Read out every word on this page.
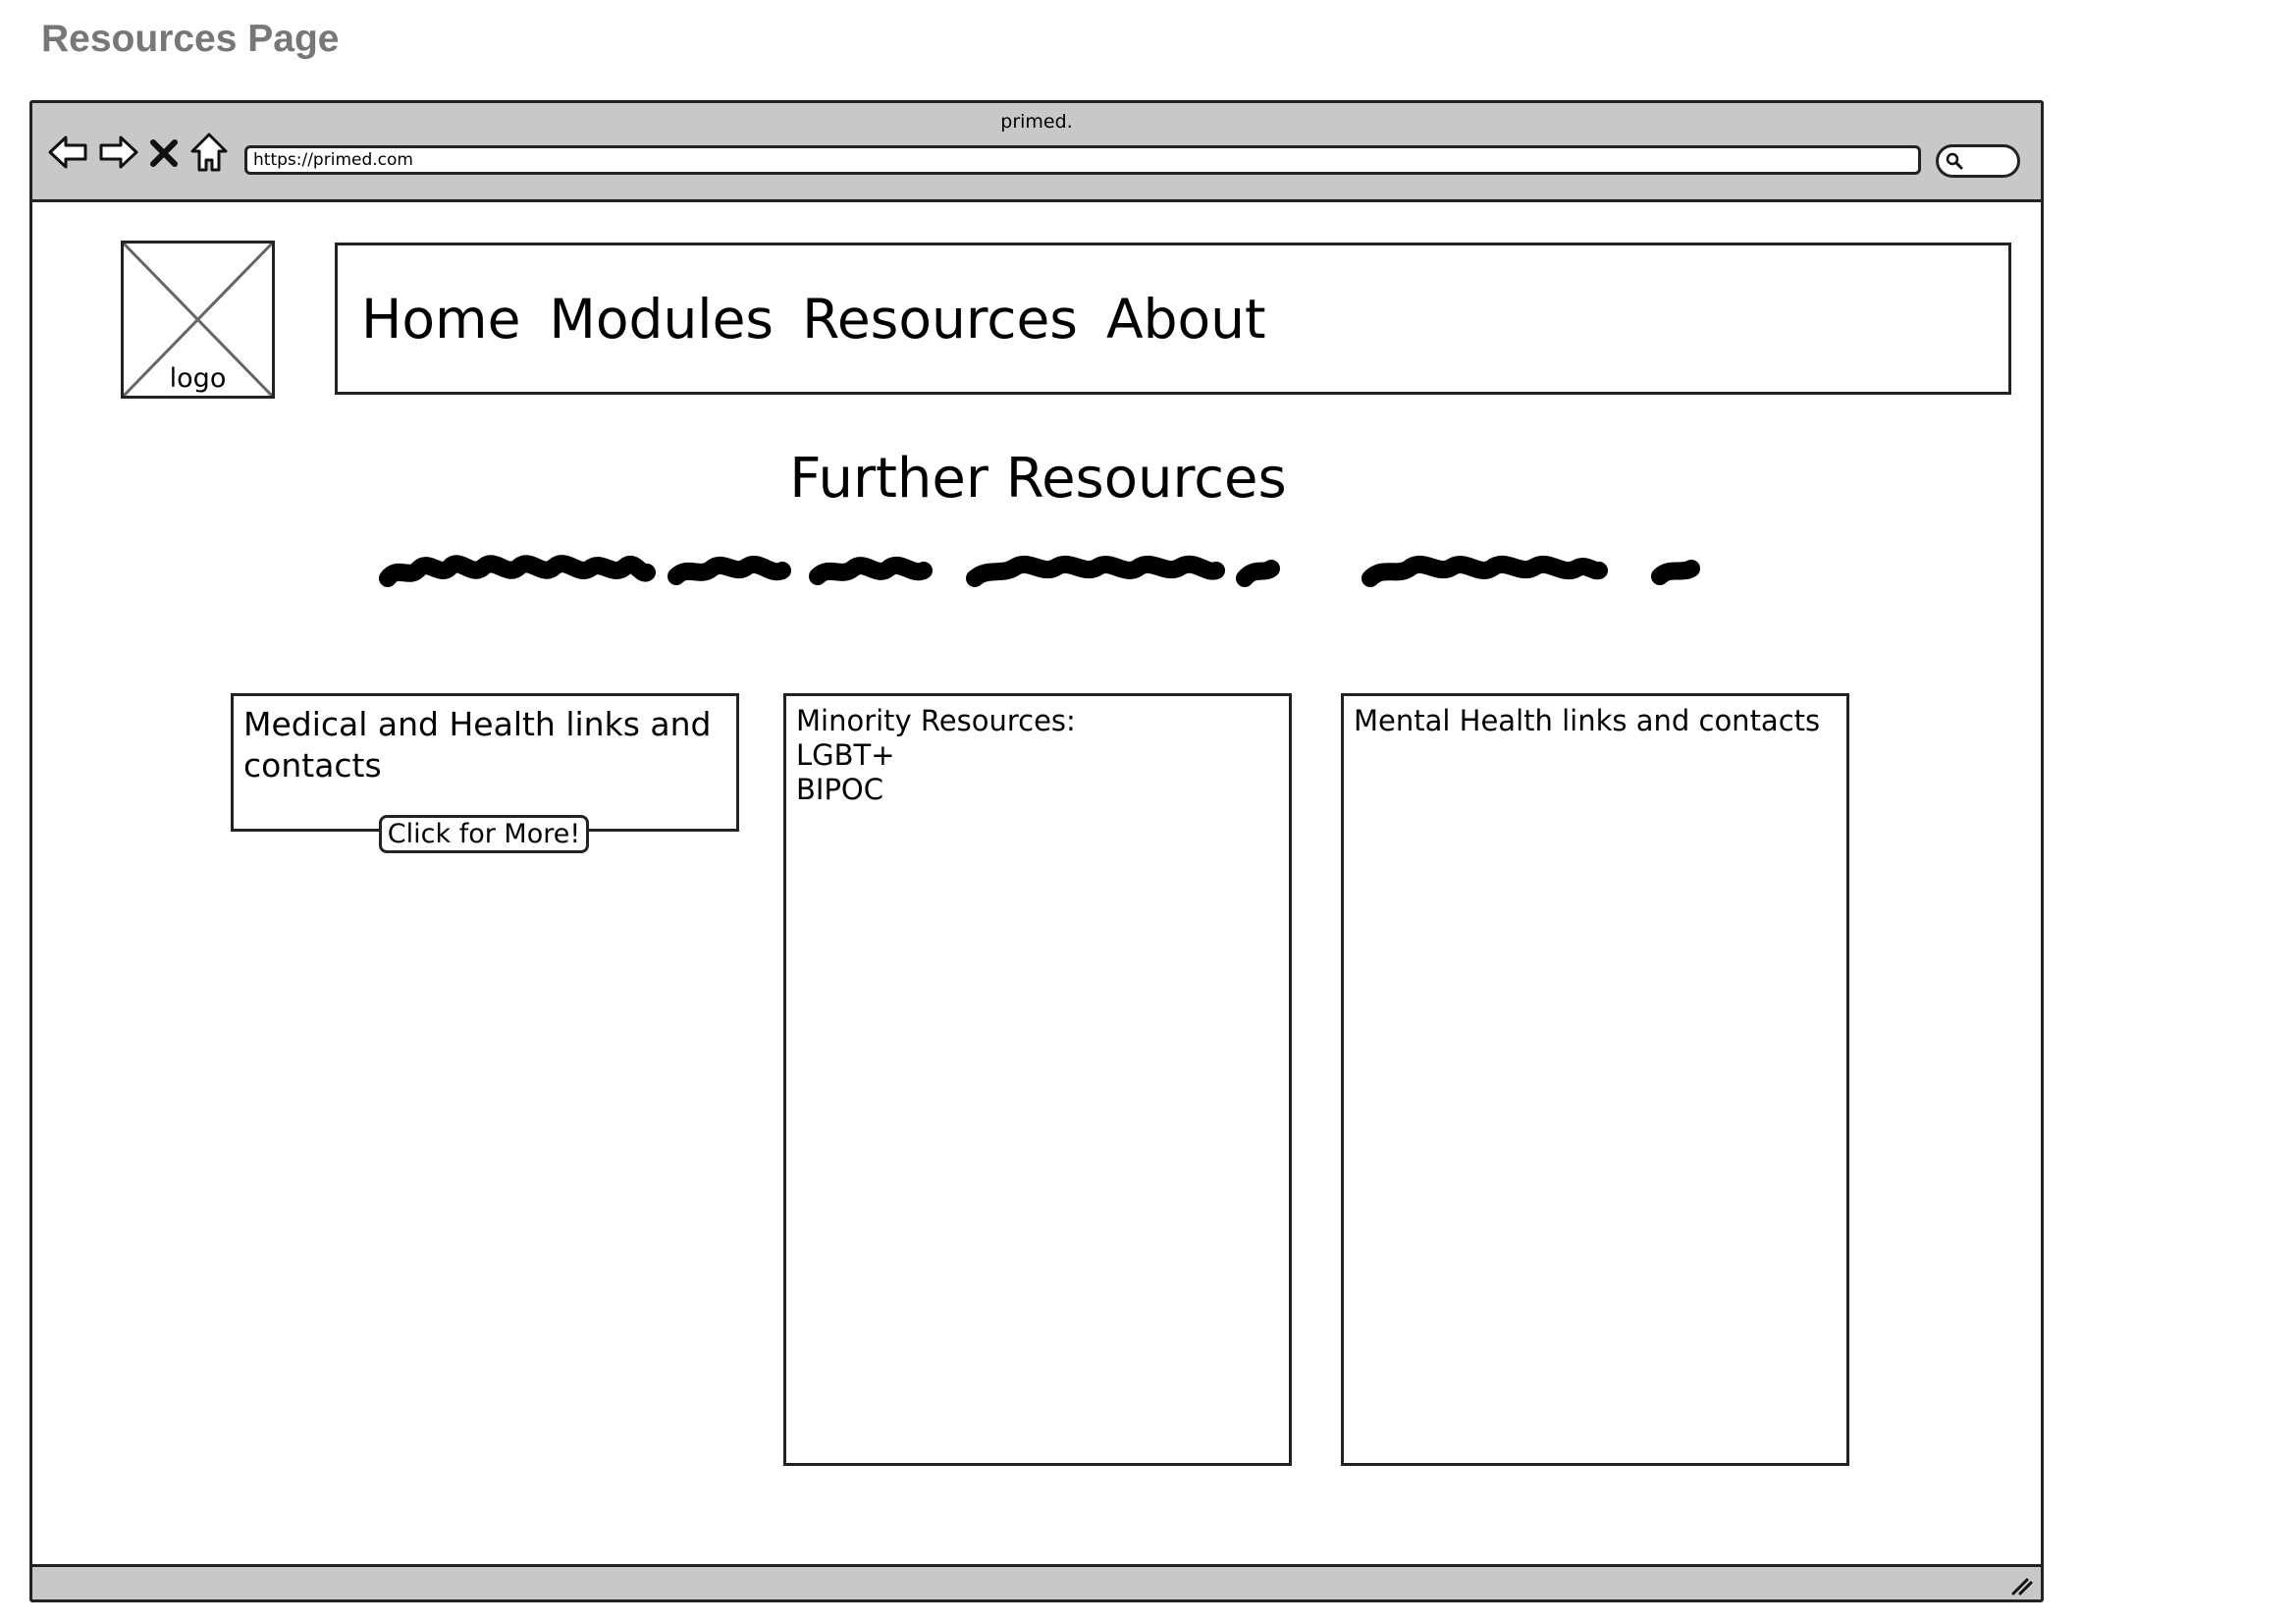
Resources Page
primed.
https://primed.com
logo
Home Modules Resources About
Further Resources
Medical and Health links and contacts
Click for More!
Minority Resources:
LGBT+
BIPOC
Mental Health links and contacts
